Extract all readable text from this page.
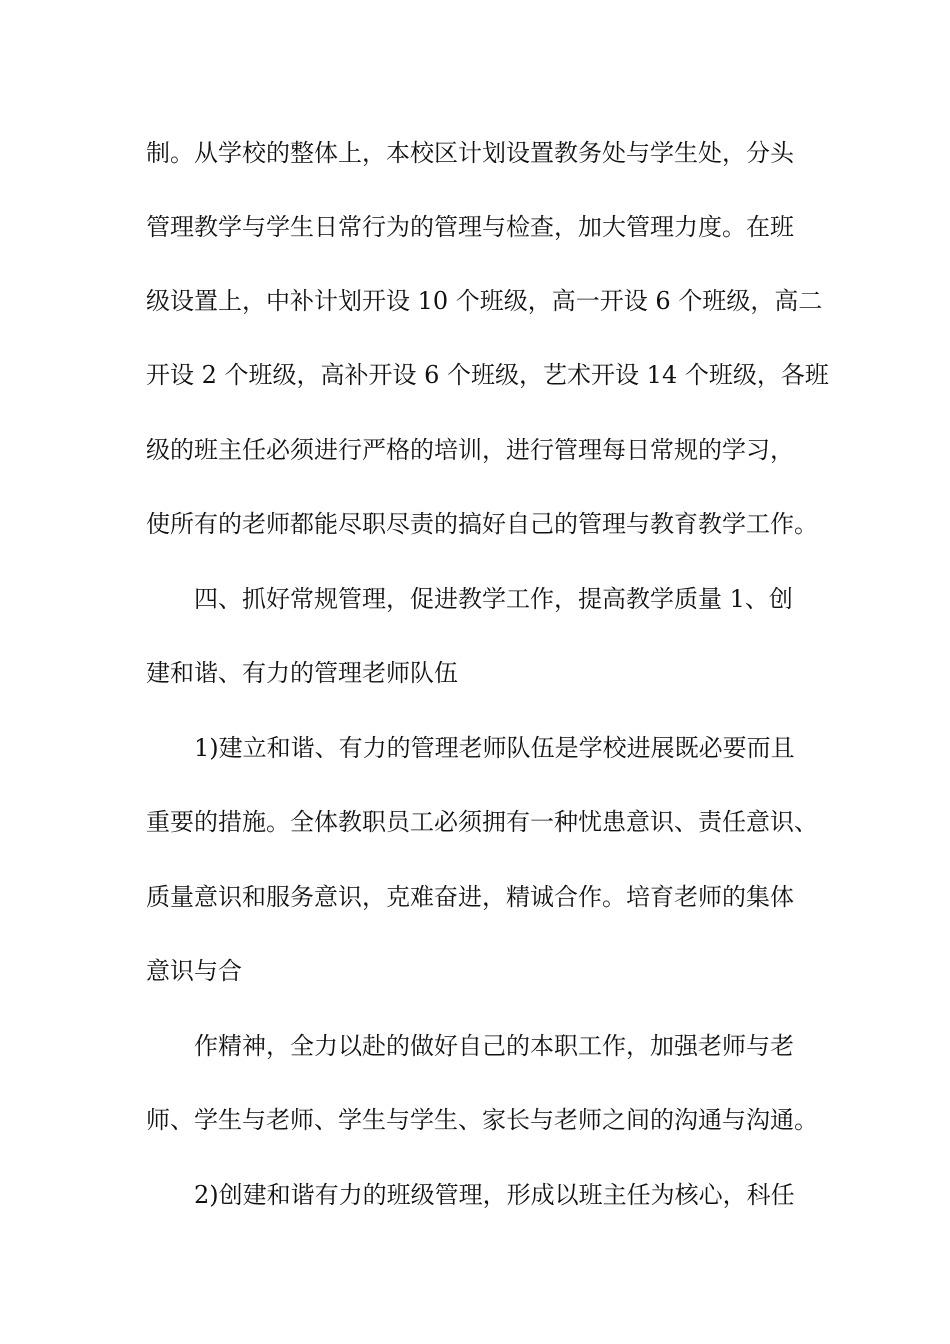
制。从学校的整体上，本校区计划设置教务处与学生处，分头

管理教学与学生日常行为的管理与检查，加大管理力度。在班

级设置上，中补计划开设 10 个班级，高一开设 6 个班级，高二

开设 2 个班级，高补开设 6 个班级，艺术开设 14 个班级，各班

级的班主任必须进行严格的培训，进行管理每日常规的学习，

使所有的老师都能尽职尽责的搞好自己的管理与教育教学工作。

四、抓好常规管理，促进教学工作，提高教学质量 1、创

建和谐、有力的管理老师队伍

1)建立和谐、有力的管理老师队伍是学校进展既必要而且

重要的措施。全体教职员工必须拥有一种忧患意识、责任意识、

质量意识和服务意识，克难奋进，精诚合作。培育老师的集体

意识与合

作精神，全力以赴的做好自己的本职工作，加强老师与老

师、学生与老师、学生与学生、家长与老师之间的沟通与沟通。

2)创建和谐有力的班级管理，形成以班主任为核心，科任
